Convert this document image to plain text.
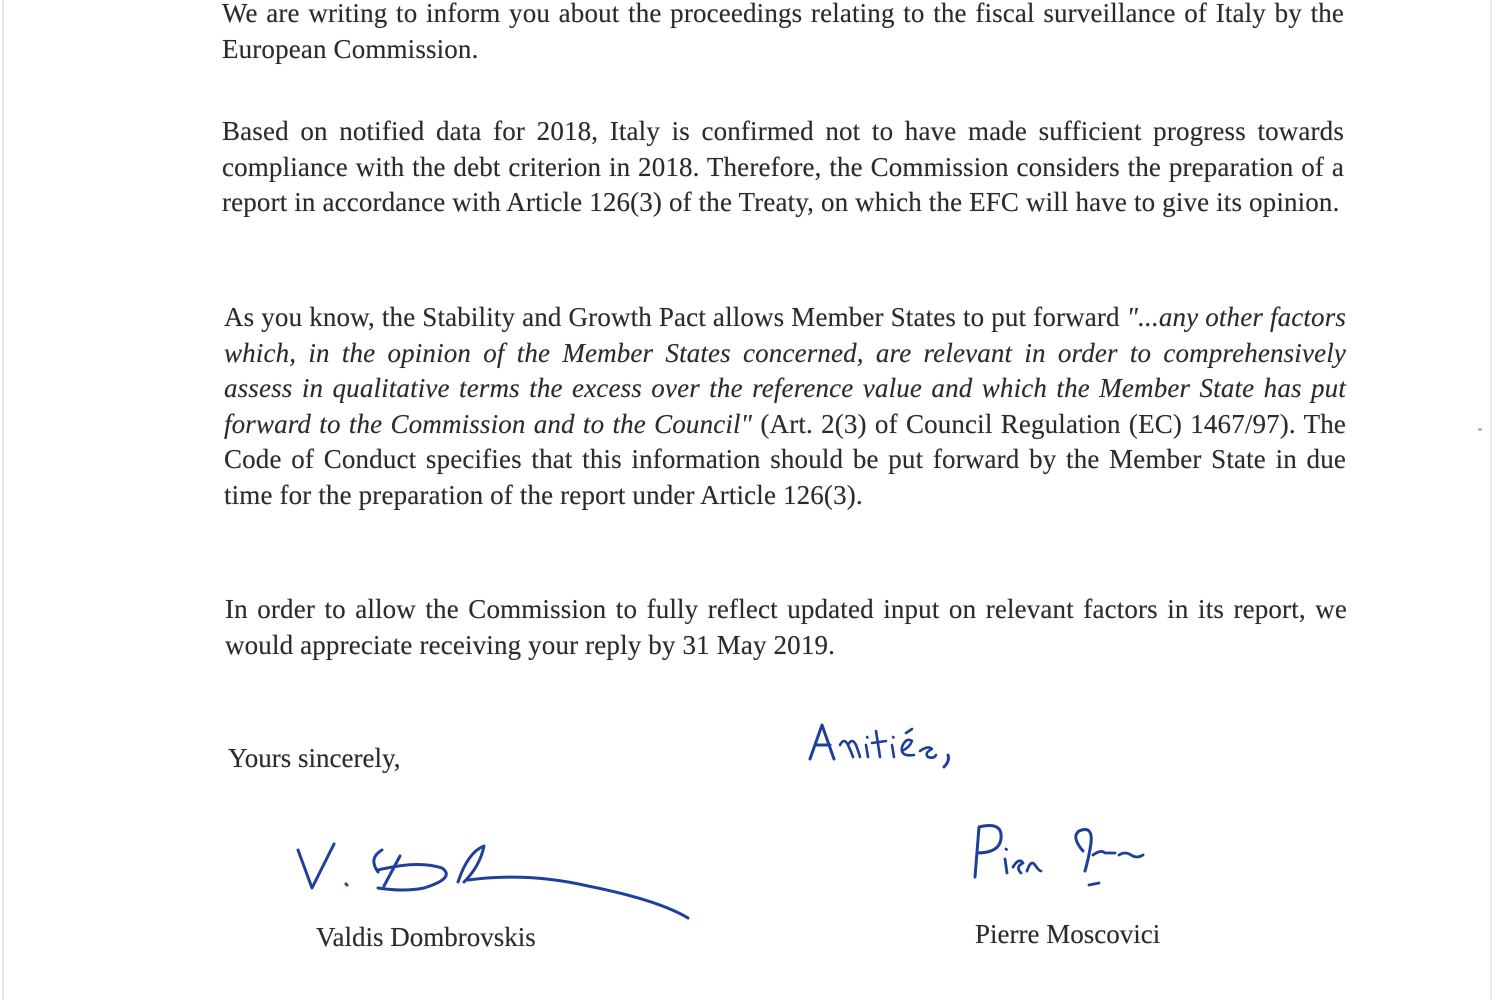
We are writing to inform you about the proceedings relating to the fiscal surveillance of Italy by the European Commission.

Based on notified data for 2018, Italy is confirmed not to have made sufficient progress towards compliance with the debt criterion in 2018. Therefore, the Commission considers the preparation of a report in accordance with Article 126(3) of the Treaty, on which the EFC will have to give its opinion.

As you know, the Stability and Growth Pact allows Member States to put forward "...any other factors which, in the opinion of the Member States concerned, are relevant in order to comprehensively assess in qualitative terms the excess over the reference value and which the Member State has put forward to the Commission and to the Council" (Art. 2(3) of Council Regulation (EC) 1467/97). The Code of Conduct specifies that this information should be put forward by the Member State in due time for the preparation of the report under Article 126(3).

In order to allow the Commission to fully reflect updated input on relevant factors in its report, we would appreciate receiving your reply by 31 May 2019.

Yours sincerely,

Valdis Dombrovskis	Pierre Moscovici
